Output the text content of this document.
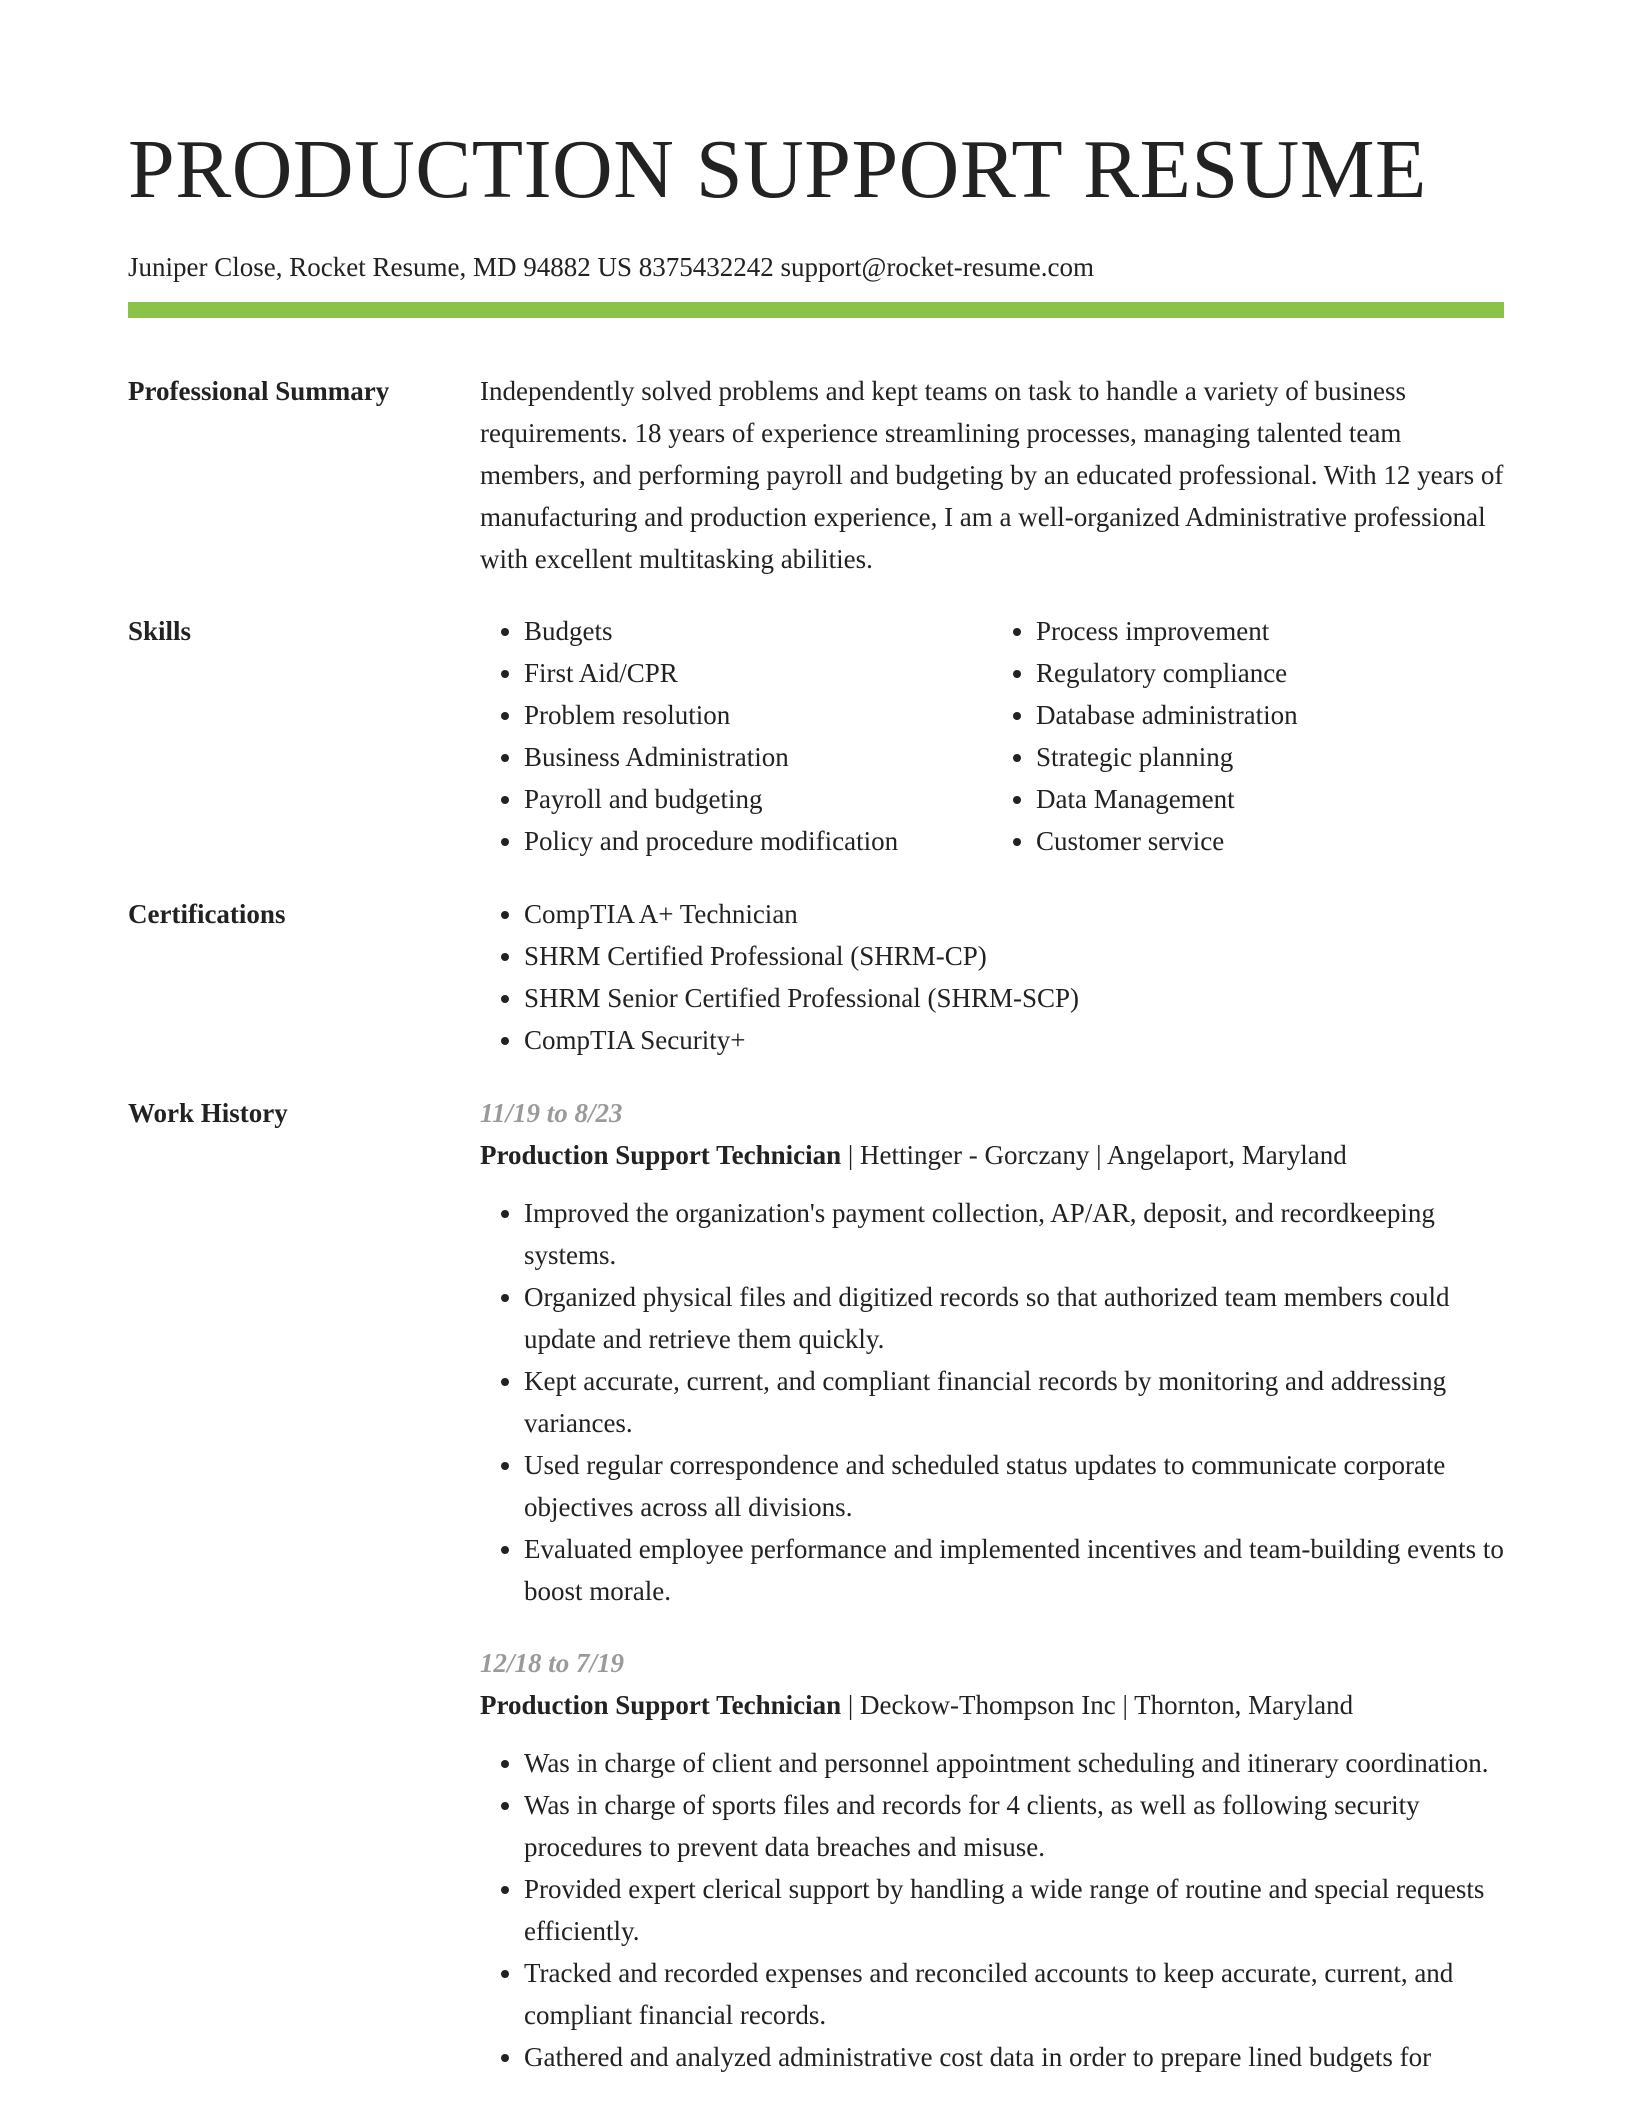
PRODUCTION SUPPORT RESUME
Juniper Close, Rocket Resume, MD 94882 US 8375432242 support@rocket-resume.com
Professional Summary	Independently solved problems and kept teams on task to handle a variety of business requirements. 18 years of experience streamlining processes, managing talented team members, and performing payroll and budgeting by an educated professional. With 12 years of manufacturing and production experience, I am a well-organized Administrative professional with excellent multitasking abilities.

Skills	• Budgets
• First Aid/CPR
• Problem resolution
• Business Administration
• Payroll and budgeting
• Policy and procedure modification
• Process improvement
• Regulatory compliance
• Database administration
• Strategic planning
• Data Management
• Customer service
Certifications	• CompTIA A+ Technician
• SHRM Certified Professional (SHRM-CP)
• SHRM Senior Certified Professional (SHRM-SCP)
• CompTIA Security+
Work History	11/19 to 8/23
Production Support Technician | Hettinger - Gorczany | Angelaport, Maryland
• Improved the organization's payment collection, AP/AR, deposit, and recordkeeping systems.
• Organized physical files and digitized records so that authorized team members could update and retrieve them quickly.
• Kept accurate, current, and compliant financial records by monitoring and addressing variances.
• Used regular correspondence and scheduled status updates to communicate corporate objectives across all divisions.
• Evaluated employee performance and implemented incentives and team-building events to boost morale.
12/18 to 7/19
Production Support Technician | Deckow-Thompson Inc | Thornton, Maryland
• Was in charge of client and personnel appointment scheduling and itinerary coordination.
• Was in charge of sports files and records for 4 clients, as well as following security procedures to prevent data breaches and misuse.
• Provided expert clerical support by handling a wide range of routine and special requests efficiently.
• Tracked and recorded expenses and reconciled accounts to keep accurate, current, and compliant financial records.
• Gathered and analyzed administrative cost data in order to prepare lined budgets for
